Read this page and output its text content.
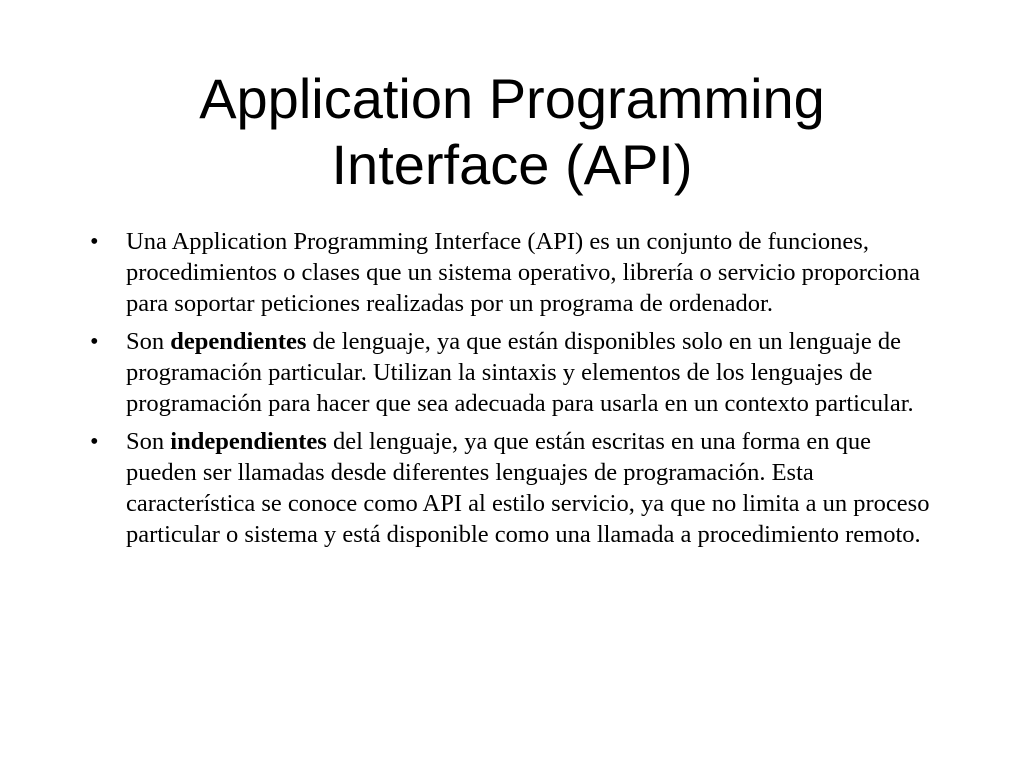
Application Programming
Interface (API)
• Una Application Programming Interface (API) es un conjunto de funciones, procedimientos o clases que un sistema operativo, librería o servicio proporciona para soportar peticiones realizadas por un programa de ordenador.
• Son dependientes de lenguaje, ya que están disponibles solo en un lenguaje de programación particular. Utilizan la sintaxis y elementos de los lenguajes de programación para hacer que sea adecuada para usarla en un contexto particular.
• Son independientes del lenguaje, ya que están escritas en una forma en que pueden ser llamadas desde diferentes lenguajes de programación. Esta característica se conoce como API al estilo servicio, ya que no limita a un proceso particular o sistema y está disponible como una llamada a procedimiento remoto.
